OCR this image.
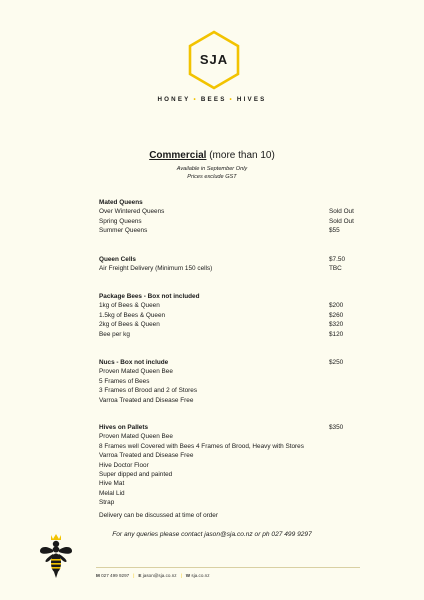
SJA
HONEY • BEES • HIVES
Commercial (more than 10)
Available in September Only
Prices exclude GST
Mated Queens
Over Wintered Queens	Sold Out
Spring Queens	Sold Out
Summer Queens	$55
Queen Cells	$7.50
Air Freight Delivery (Minimum 150 cells)	TBC
Package Bees - Box not included
1kg of Bees & Queen	$200
1.5kg of Bees & Queen	$260
2kg of Bees & Queen	$320
Bee per kg	$120
Nucs - Box not include	$250
Proven Mated Queen Bee
5 Frames of Bees
3 Frames of Brood and 2 of Stores
Varroa Treated and Disease Free
Hives on Pallets	$350
Proven Mated Queen Bee
8 Frames well Covered with Bees 4 Frames of Brood, Heavy with Stores
Varroa Treated and Disease Free
Hive Doctor Floor
Super dipped and painted
Hive Mat
Melal Lid
Strap
Delivery can be discussed at time of order
For any queries please contact jason@sja.co.nz or ph 027 499 9297
M 027 499 9297 | E jason@sja.co.nz | W sja.co.nz
